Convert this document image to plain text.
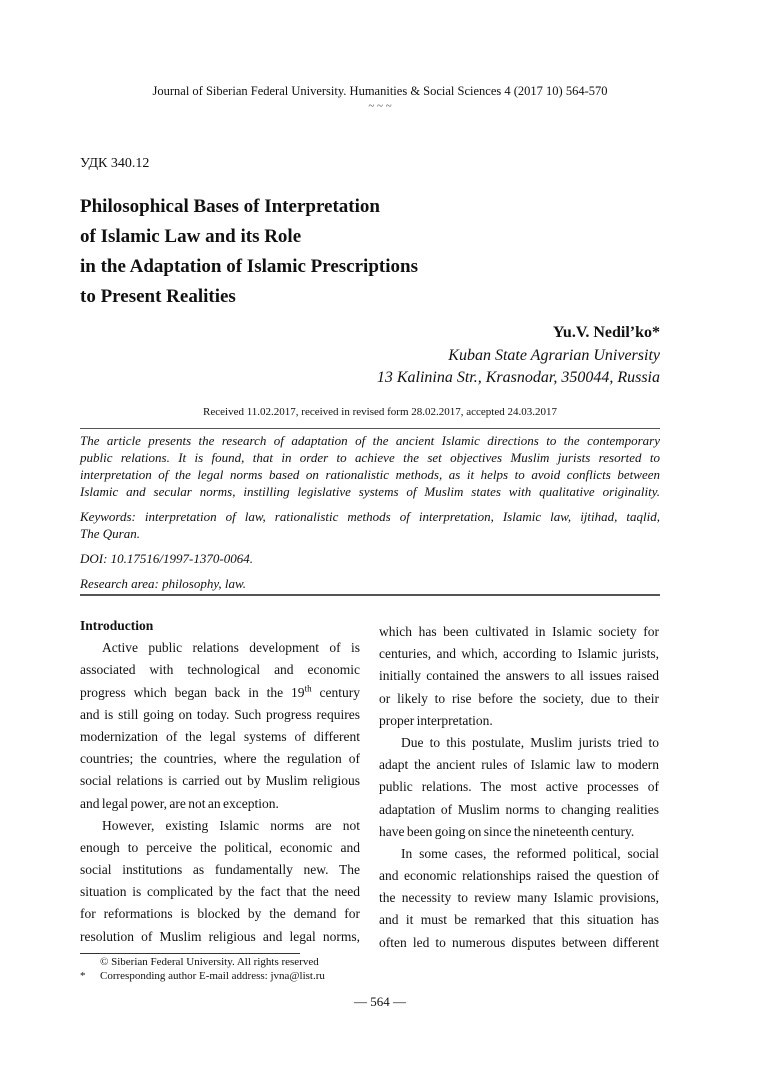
Journal of Siberian Federal University. Humanities & Social Sciences 4 (2017 10) 564-570
~ ~ ~
УДК 340.12
Philosophical Bases of Interpretation
of Islamic Law and its Role
in the Adaptation of Islamic Prescriptions
to Present Realities
Yu.V. Nedil’ko*
Kuban State Agrarian University
13 Kalinina Str., Krasnodar, 350044, Russia
Received 11.02.2017, received in revised form 28.02.2017, accepted 24.03.2017

The article presents the research of adaptation of the ancient Islamic directions to the contemporary
public relations. It is found, that in order to achieve the set objectives Muslim jurists resorted to
interpretation of the legal norms based on rationalistic methods, as it helps to avoid conflicts between
Islamic and secular norms, instilling legislative systems of Muslim states with qualitative originality.

Keywords: interpretation of law, rationalistic methods of interpretation, Islamic law, ijtihad, taqlid,
The Quran.

DOI: 10.17516/1997-1370-0064.

Research area: philosophy, law.

Introduction
Active public relations development of is
associated with technological and economic
progress which began back in the 19th century
and is still going on today. Such progress requires
modernization of the legal systems of different
countries; the countries, where the regulation of
social relations is carried out by Muslim religious
and legal power, are not an exception.
However, existing Islamic norms are not
enough to perceive the political, economic and
social institutions as fundamentally new. The
situation is complicated by the fact that the need
for reformations is blocked by the demand for
resolution of Muslim religious and legal norms,
which has been cultivated in Islamic society for
centuries, and which, according to Islamic jurists,
initially contained the answers to all issues raised
or likely to rise before the society, due to their
proper interpretation.
Due to this postulate, Muslim jurists tried to
adapt the ancient rules of Islamic law to modern
public relations. The most active processes of
adaptation of Muslim norms to changing realities
have been going on since the nineteenth century.
In some cases, the reformed political, social
and economic relationships raised the question of
the necessity to review many Islamic provisions,
and it must be remarked that this situation has
often led to numerous disputes between different
© Siberian Federal University. All rights reserved
* Corresponding author E-mail address: jvna@list.ru
— 564 —
